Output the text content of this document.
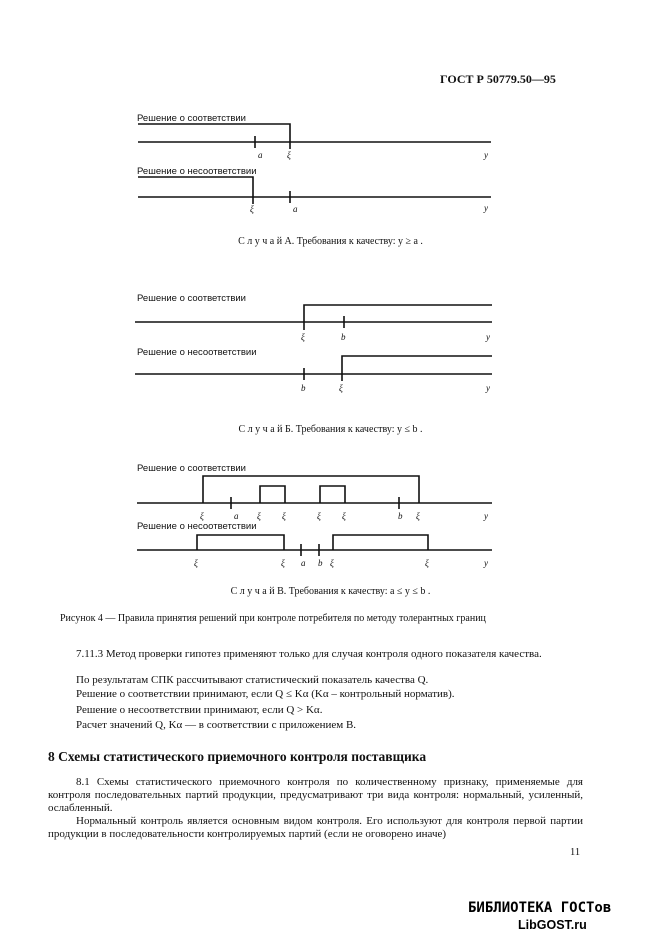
ГОСТ Р 50779.50—95
Решение о соответствии
Решение о несоответствии
Решение о соответствии
Решение о несоответствии
Решение о соответствии
Решение о несоответствии
a	ξ	y
ξ	a	y
ξ	b	y
b	ξ	y
ξ	a ξ ξ	ξ ξ	b ξ	y
ξ	ξ a b ξ	ξ	y
С л у ч а й А. Требования к качеству: y ≥ a .
С л у ч а й Б. Требования к качеству: y ≤ b .
С л у ч а й В. Требования к качеству: a ≤ y ≤ b .
Рисунок 4 — Правила принятия решений при контроле потребителя по методу толерантных границ
7.11.3 Метод проверки гипотез применяют только для случая контроля одного показателя качества.
По результатам СПК рассчитывают статистический показатель качества Q.
Решение о соответствии принимают, если Q ≤ Kα (Kα – контрольный норматив).
Решение о несоответствии принимают, если Q > Kα.
Расчет значений Q, Kα — в соответствии с приложением В.
8 Схемы статистического приемочного контроля поставщика
8.1 Схемы статистического приемочного контроля по количественному признаку, применяемые для контроля последовательных партий продукции, предусматривают три вида контроля: нормальный, усиленный, ослабленный.
Нормальный контроль является основным видом контроля. Его используют для контроля первой партии продукции в последовательности контролируемых партий (если не оговорено иначе)
11
БИБЛИОТЕКА ГОСТов
LibGOST.ru
